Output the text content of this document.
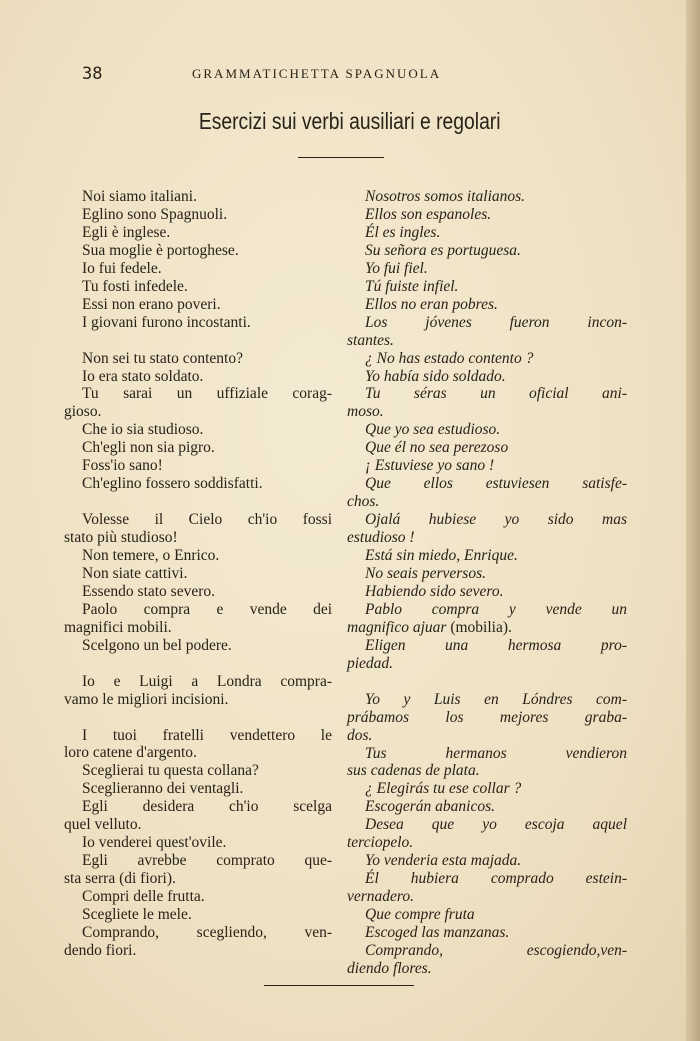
38	GRAMMATICHETTA SPAGNUOLA
Esercizi sui verbi ausiliari e regolari

Noi siamo italiani.

Eglino sono Spagnuoli.

Egli è inglese.

Sua moglie è portoghese.

Io fui fedele.

Tu fosti infedele.

Essi non erano poveri.

I giovani furono incostanti.

Non sei tu stato contento?

Io era stato soldato.

Tu sarai un uffiziale corag-

gioso.

Che io sia studioso.

Ch'egli non sia pigro.

Foss'io sano!

Ch'eglino fossero soddisfatti.

Volesse il Cielo ch'io fossi

stato più studioso!

Non temere, o Enrico.

Non siate cattivi.

Essendo stato severo.

Paolo compra e vende dei

magnifici mobili.

Scelgono un bel podere.

Io e Luigi a Londra compra-

vamo le migliori incisioni.

I tuoi fratelli vendettero le

loro catene d'argento.

Sceglierai tu questa collana?

Sceglieranno dei ventagli.

Egli desidera ch'io scelga

quel velluto.

Io venderei quest'ovile.

Egli avrebbe comprato que-

sta serra (di fiori).

Compri delle frutta.

Scegliete le mele.

Comprando, scegliendo, ven-

dendo fiori.

Nosotros somos italianos.

Ellos son espanoles.

Él es ingles.

Su señora es portuguesa.

Yo fui fiel.

Tú fuiste infiel.

Ellos no eran pobres.

Los jóvenes fueron incon-

stantes.

¿ No has estado contento ?

Yo había sido soldado.

Tu séras un oficial ani-

moso.

Que yo sea estudioso.

Que él no sea perezoso

¡ Estuviese yo sano !

Que ellos estuviesen satisfe-

chos.

Ojalá hubiese yo sido mas

estudioso !

Está sin miedo, Enrique.

No seais perversos.

Habiendo sido severo.

Pablo compra y vende un

magnifico ajuar (mobilia).

Eligen una hermosa pro-

piedad.

Yo y Luis en Lóndres com-

prábamos los mejores graba-

dos.

Tus hermanos vendieron

sus cadenas de plata.

¿ Elegirás tu ese collar ?

Escogerán abanicos.

Desea que yo escoja aquel

terciopelo.

Yo venderia esta majada.

Él hubiera comprado estein-

vernadero.

Que compre fruta

Escoged las manzanas.

Comprando, escogiendo,ven-

diendo flores.
